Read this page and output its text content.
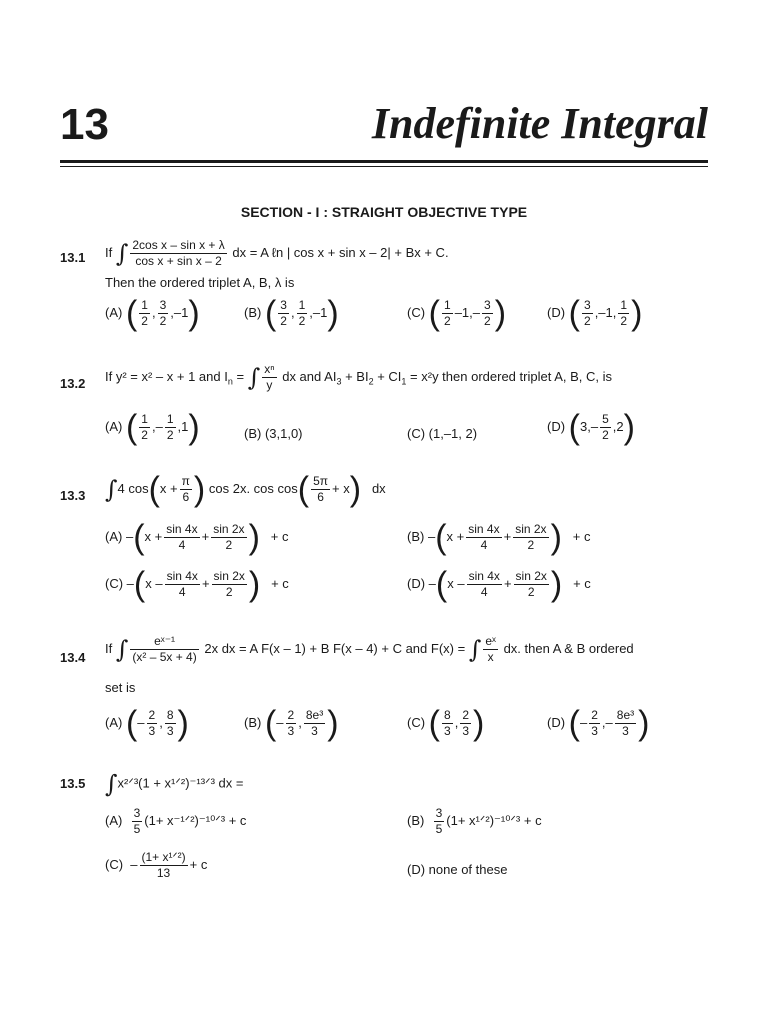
13	Indefinite Integral
SECTION - I : STRAIGHT OBJECTIVE TYPE
13.1 If ∫ $\frac{\text{2cos x – sin x + λ}}{\text{cos x + sin x – 2}}$ dx = A ℓn | cos x + sin x – 2| + Bx + C.
Then the ordered triplet A, B, λ is
(A) ( $\frac{1}{2}$ , $\frac{3}{2} ,-1$)	(B) ( $\frac{3}{2}$ , $\frac{1}{2} ,-1$)	(C) ( $\frac{1}{2} -1,- \frac{3}{2}$ )	(D) ( $\frac{3}{2} ,-1$, $\frac{1}{2}$ )
13.2 If y² = x² – x + 1 and $I_n$ = ∫ $\frac{\text{xⁿ}}{y}$ dx and $AI_3 + BI_2 + CI_1 = x^2y$ then ordered triplet A, B, C, is
(A) ( $\frac{1}{2}$ ,– $\frac{1}{2} ,1$)	(B) (3,1,0)	(C) (1,–1, 2)	(D) $(3,- \frac{5}{2} ,2)$
13.3 ∫4 $\cos(x + \frac{\pi}{6}$ ) cos 2x. $\cos \cos( \frac{5\pi}{6} + x)$ dx
(A) $-(x + \frac{\sin 4x}{4} + \frac{\sin 2x}{2}$ ) + c	(B) $-(x + \frac{\sin 4x}{4} + \frac{\sin 2x}{2}$ ) + c
(C) $-(x - \frac{\sin 4x}{4} + \frac{\sin 2x}{2}$ ) + c	(D) $-(x - \frac{\sin 4x}{4} + \frac{\sin 2x}{2}$ ) + c
13.4
If ∫ $\frac{\text{eˣ⁻¹}}{\text{(x² – 5x + 4)}} 2x$ dx = A F(x – 1) + B F(x – 4) + C and F(x) = ∫ $\frac{\text{eˣ}}{x}$ dx. then A & B ordered
set is
(A) (– $\frac{2}{3}$ , $\frac{8}{3}$ )	(B) (– $\frac{2}{3}$ , $\frac{\text{8e³}}{3}$ )	(C) ( $\frac{8}{3}$ , $\frac{2}{3}$ )	(D) (– $\frac{2}{3}$ ,– $\frac{\text{8e³}}{3}$ )
13.5 ∫x²ᐟ³(1 + x¹ᐟ²)⁻¹³ᐟ³ dx =
$(A) \frac{3}{5} (1+$ x⁻¹ᐟ²)⁻¹⁰ᐟ³ + c	$(B) \frac{3}{5} (1+$ x¹ᐟ²)⁻¹⁰ᐟ³ + c
$(C) - \frac{\text{(1+ x¹ᐟ²)}}{13} + c$	(D) none of these
